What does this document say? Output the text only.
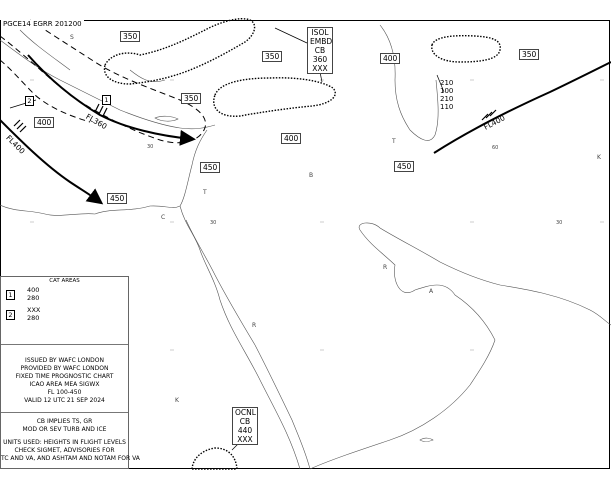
PGCE14 EGRR 201200
350
350
350
350
400
400
400
450	450
450
ISOL
EMBD
CB
360
XXX
OCNL
CB
440
XXX
210
100
210
110
FL400
FL360	FL400
1
2
30
30	30
60
S
B
T
T
K
C
R
A
K
R
CAT AREAS
1
400
280
2
XXX
280
ISSUED BY WAFC LONDON
PROVIDED BY WAFC LONDON
FIXED TIME PROGNOSTIC CHART
ICAO AREA MEA SIGWX
FL 100-450
VALID 12 UTC 21 SEP 2024
CB IMPLIES TS, GR
MOD OR SEV TURB AND ICE
UNITS USED: HEIGHTS IN FLIGHT LEVELS
CHECK SIGMET, ADVISORIES FOR
TC AND VA, AND ASHTAM AND NOTAM FOR VA
